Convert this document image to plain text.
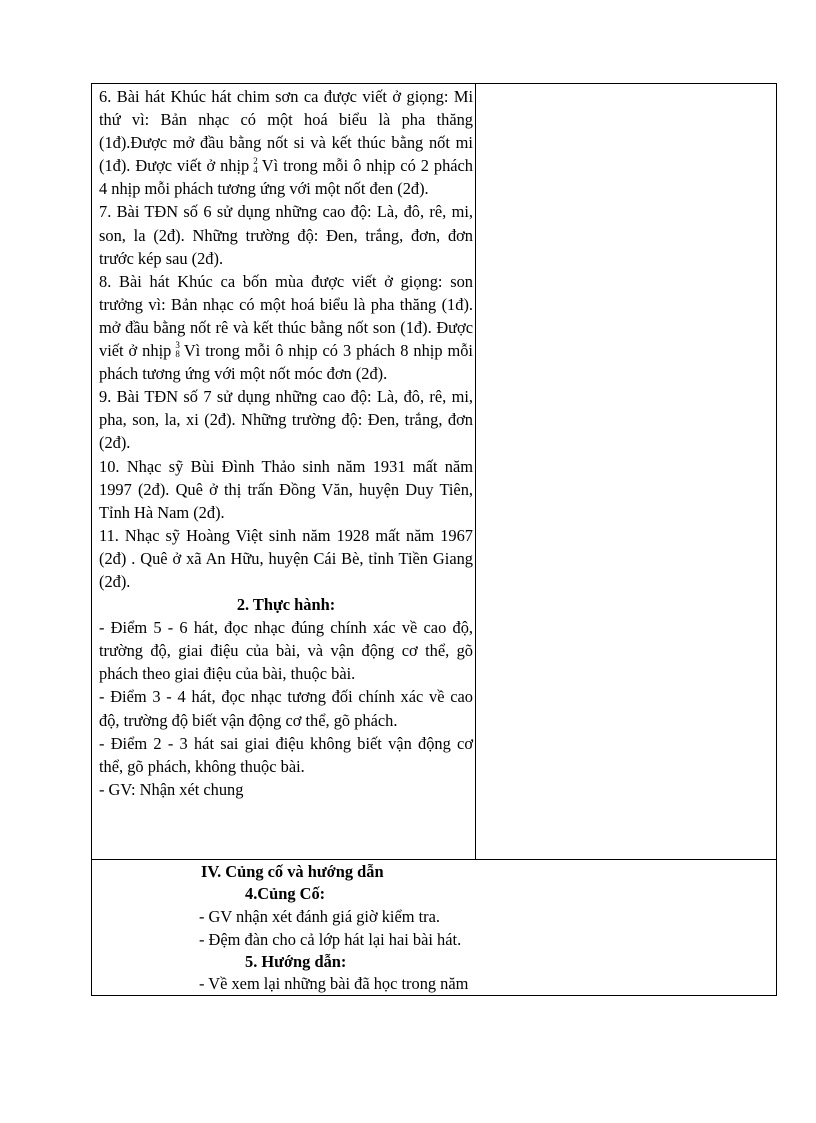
6. Bài hát Khúc hát chim sơn ca được viết ở giọng: Mi thứ vì: Bản nhạc có một hoá biểu là pha thăng (1đ).Được mở đầu bằng nốt si và kết thúc bằng nốt mi (1đ). Được viết ở nhịp 2
4 Vì trong mỗi ô nhịp có 2 phách 4 nhịp mỗi phách tương ứng với một nốt đen (2đ).

7. Bài TĐN số 6 sử dụng những cao độ: Là, đô, rê, mi, son, la (2đ). Những trường độ: Đen, trắng, đơn, đơn trước kép sau (2đ).

8. Bài hát Khúc ca bốn mùa được viết ở giọng: son trưởng vì: Bản nhạc có một hoá biểu là pha thăng (1đ). mở đầu bằng nốt rê và kết thúc bằng nốt son (1đ). Được viết ở nhịp 3
8 Vì trong mỗi ô nhịp có 3 phách 8 nhịp mỗi phách tương ứng với một nốt móc đơn (2đ).

9. Bài TĐN số 7 sử dụng những cao độ: Là, đô, rê, mi, pha, son, la, xi (2đ). Những trường độ: Đen, trắng, đơn (2đ).

10. Nhạc sỹ Bùi Đình Thảo sinh năm 1931 mất năm 1997 (2đ). Quê ở thị trấn Đồng Văn, huyện Duy Tiên, Tỉnh Hà Nam (2đ).

11. Nhạc sỹ Hoàng Việt sinh năm 1928 mất năm 1967 (2đ) . Quê ở xã An Hữu, huyện Cái Bè, tỉnh Tiền Giang (2đ).

2. Thực hành:

- Điểm 5 - 6 hát, đọc nhạc đúng chính xác về cao độ, trường độ, giai điệu của bài, và vận động cơ thể, gõ phách theo giai điệu của bài, thuộc bài.

- Điểm 3 - 4 hát, đọc nhạc tương đối chính xác về cao độ, trường độ biết vận động cơ thể, gõ phách.

- Điểm 2 - 3 hát sai giai điệu không biết vận động cơ thể, gõ phách, không thuộc bài.

- GV: Nhận xét chung

IV. Củng cố và hướng dẫn
4.Củng Cố:
- GV nhận xét đánh giá giờ kiểm tra.
- Đệm đàn cho cả lớp hát lại hai bài hát.
5. Hướng dẫn:
- Về xem lại những bài đã học trong năm
